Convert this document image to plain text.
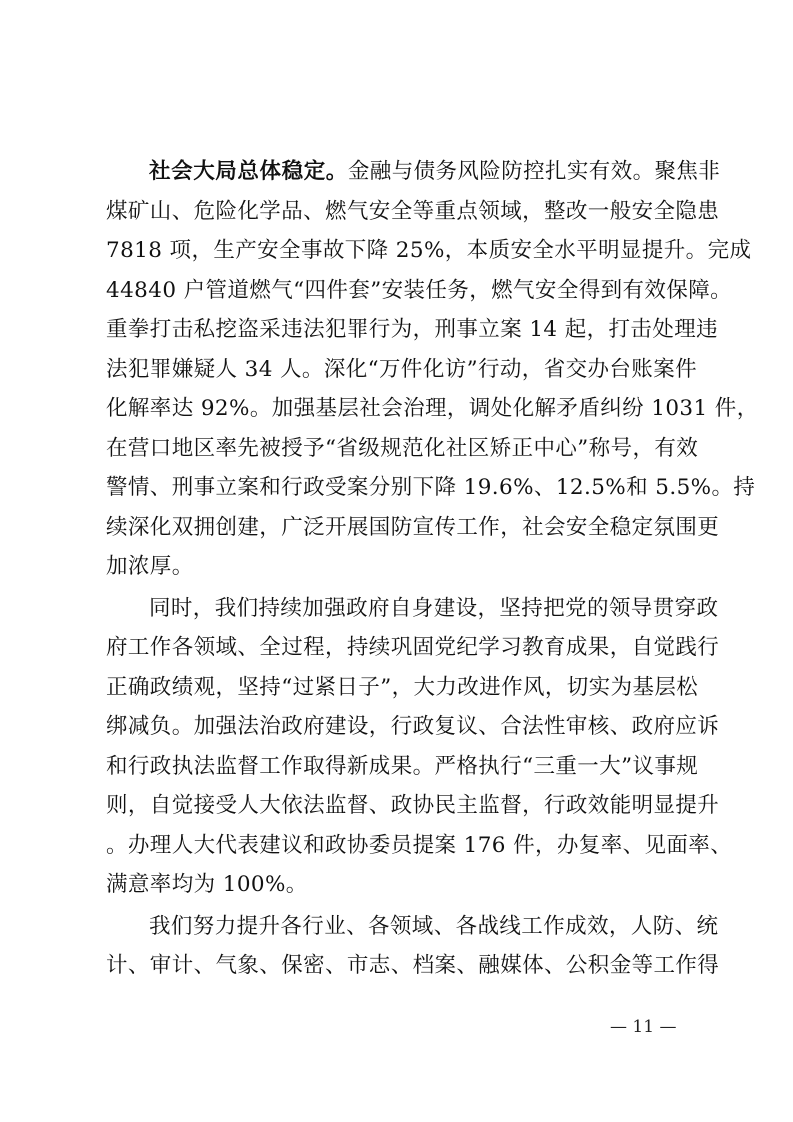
社会大局总体稳定。金融与债务风险防控扎实有效。聚焦非
煤矿山、危险化学品、燃气安全等重点领域，整改一般安全隐患
7818 项，生产安全事故下降 25%，本质安全水平明显提升。完成
44840 户管道燃气“四件套”安装任务，燃气安全得到有效保障。
重拳打击私挖盗采违法犯罪行为，刑事立案 14 起，打击处理违
法犯罪嫌疑人 34 人。深化“万件化访”行动，省交办台账案件
化解率达 92%。加强基层社会治理，调处化解矛盾纠纷 1031 件，
在营口地区率先被授予“省级规范化社区矫正中心”称号，有效
警情、刑事立案和行政受案分别下降 19.6%、12.5%和 5.5%。持
续深化双拥创建，广泛开展国防宣传工作，社会安全稳定氛围更
加浓厚。
同时，我们持续加强政府自身建设，坚持把党的领导贯穿政
府工作各领域、全过程，持续巩固党纪学习教育成果，自觉践行
正确政绩观，坚持“过紧日子”，大力改进作风，切实为基层松
绑减负。加强法治政府建设，行政复议、合法性审核、政府应诉
和行政执法监督工作取得新成果。严格执行“三重一大”议事规
则，自觉接受人大依法监督、政协民主监督，行政效能明显提升
。办理人大代表建议和政协委员提案 176 件，办复率、见面率、
满意率均为 100%。
我们努力提升各行业、各领域、各战线工作成效，人防、统
计、审计、气象、保密、市志、档案、融媒体、公积金等工作得
— 11 —
